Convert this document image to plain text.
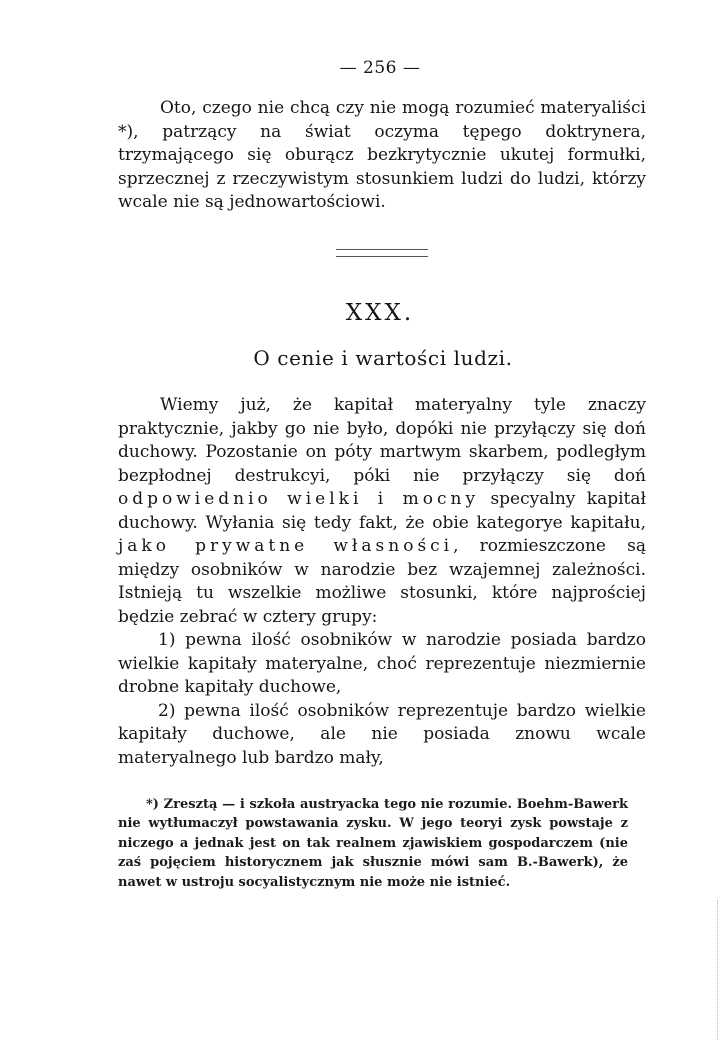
— 256 —

Oto, czego nie chcą czy nie mogą rozumieć materyaliści *), patrzący na świat oczyma tępego doktrynera, trzymającego się oburącz bezkrytycznie ukutej formułki, sprzecznej z rzeczywistym stosunkiem ludzi do ludzi, którzy wcale nie są jednowartościowi.

XXX.
O cenie i wartości ludzi.

Wiemy już, że kapitał materyalny tyle znaczy praktycznie, jakby go nie było, dopóki nie przyłączy się doń duchowy. Pozostanie on póty martwym skarbem, podległym bezpłodnej destrukcyi, póki nie przyłączy się doń odpowiednio wielki i mocny specyalny kapitał duchowy. Wyłania się tedy fakt, że obie kategorye kapitału, jako prywatne własności, rozmieszczone są między osobników w narodzie bez wzajemnej zależności. Istnieją tu wszelkie możliwe stosunki, które najprościej będzie zebrać w cztery grupy:

1) pewna ilość osobników w narodzie posiada bardzo wielkie kapitały materyalne, choć reprezentuje niezmiernie drobne kapitały duchowe,

2) pewna ilość osobników reprezentuje bardzo wielkie kapitały duchowe, ale nie posiada znowu wcale materyalnego lub bardzo mały,

*) Zresztą — i szkoła austryacka tego nie rozumie. Boehm-Bawerk nie wytłumaczył powstawania zysku. W jego teoryi zysk powstaje z niczego a jednak jest on tak realnem zjawiskiem gospodarczem (nie zaś pojęciem historycznem jak słusznie mówi sam B.-Bawerk), że nawet w ustroju socyalistycznym nie może nie istnieć.
